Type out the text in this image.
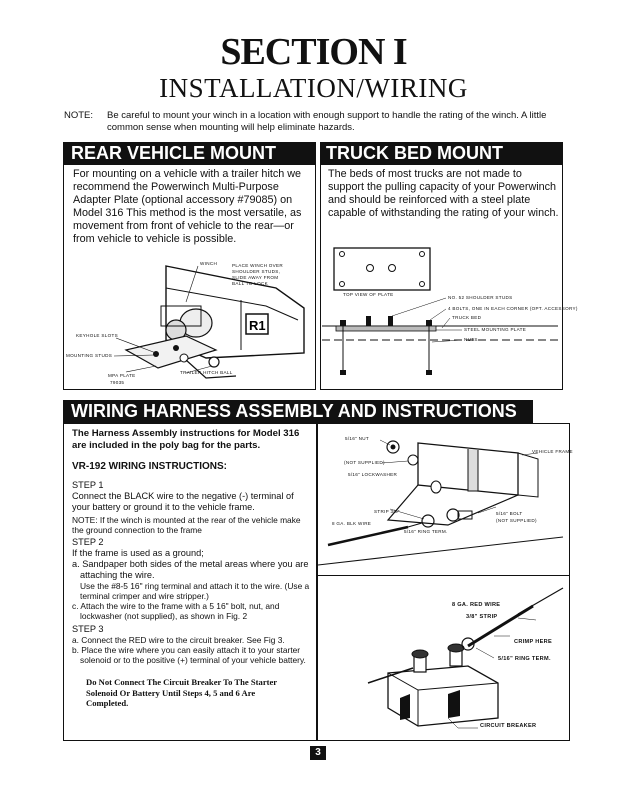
SECTION I
INSTALLATION/WIRING
NOTE: Be careful to mount your winch in a location with enough support to handle the rating of the winch. A little common sense when mounting will help eliminate hazards.
REAR VEHICLE MOUNT
For mounting on a vehicle with a trailer hitch we recommend the Powerwinch Multi-Purpose Adapter Plate (optional accessory #79085) on Model 316 This method is the most versatile, as movement from front of vehicle to the rear—or from vehicle to vehicle is possible.
R1
WINCH	PLACE WINCH OVER SHOULDER STUDS, SLIDE AWAY FROM BALL TO LOCK
KEYHOLE SLOTS
MOUNTING STUDS
MPA PLATE
79035
TRAILER HITCH BALL
TRUCK BED MOUNT
The beds of most trucks are not made to support the pulling capacity of your Powerwinch and should be reinforced with a steel plate capable of withstanding the rating of your winch.
TOP VIEW OF PLATE
NO. 52 SHOULDER STUDS
4 BOLTS, ONE IN EACH CORNER (OPT. ACCESSORY)
TRUCK BED
STEEL MOUNTING PLATE
NUTS
WIRING HARNESS ASSEMBLY AND INSTRUCTIONS
The Harness Assembly instructions for Model 316 are included in the poly bag for the parts.
VR-192 WIRING INSTRUCTIONS:
STEP 1
Connect the BLACK wire to the negative (-) terminal of your battery or ground it to the vehicle frame.
NOTE: If the winch is mounted at the rear of the vehicle make the ground connection to the frame
STEP 2
If the frame is used as a ground;
a. Sandpaper both sides of the metal areas where you are attaching the wire.
Use the #8-5 16" ring terminal and attach it to the wire. (Use a terminal crimper and wire stripper.)
c. Attach the wire to the frame with a 5 16" bolt, nut, and lockwasher (not supplied), as shown in Fig. 2
STEP 3
a. Connect the RED wire to the circuit breaker. See Fig 3.
b. Place the wire where you can easily attach it to your starter solenoid or to the positive (+) terminal of your vehicle battery.
Do Not Connect The Circuit Breaker To The Starter Solenoid Or Battery Until Steps 4, 5 and 6 Are Completed.
5/16" NUT
(NOT SUPPLIED)
5/16" LOCKWASHER
VEHICLE FRAME
STRIP 3/8"	5/16" BOLT
(NOT SUPPLIED)
8 GA. BLK WIRE
5/16" RING TERM.
8 GA. RED WIRE
3/8" STRIP
CRIMP HERE
5/16" RING TERM.
CIRCUIT BREAKER
3
